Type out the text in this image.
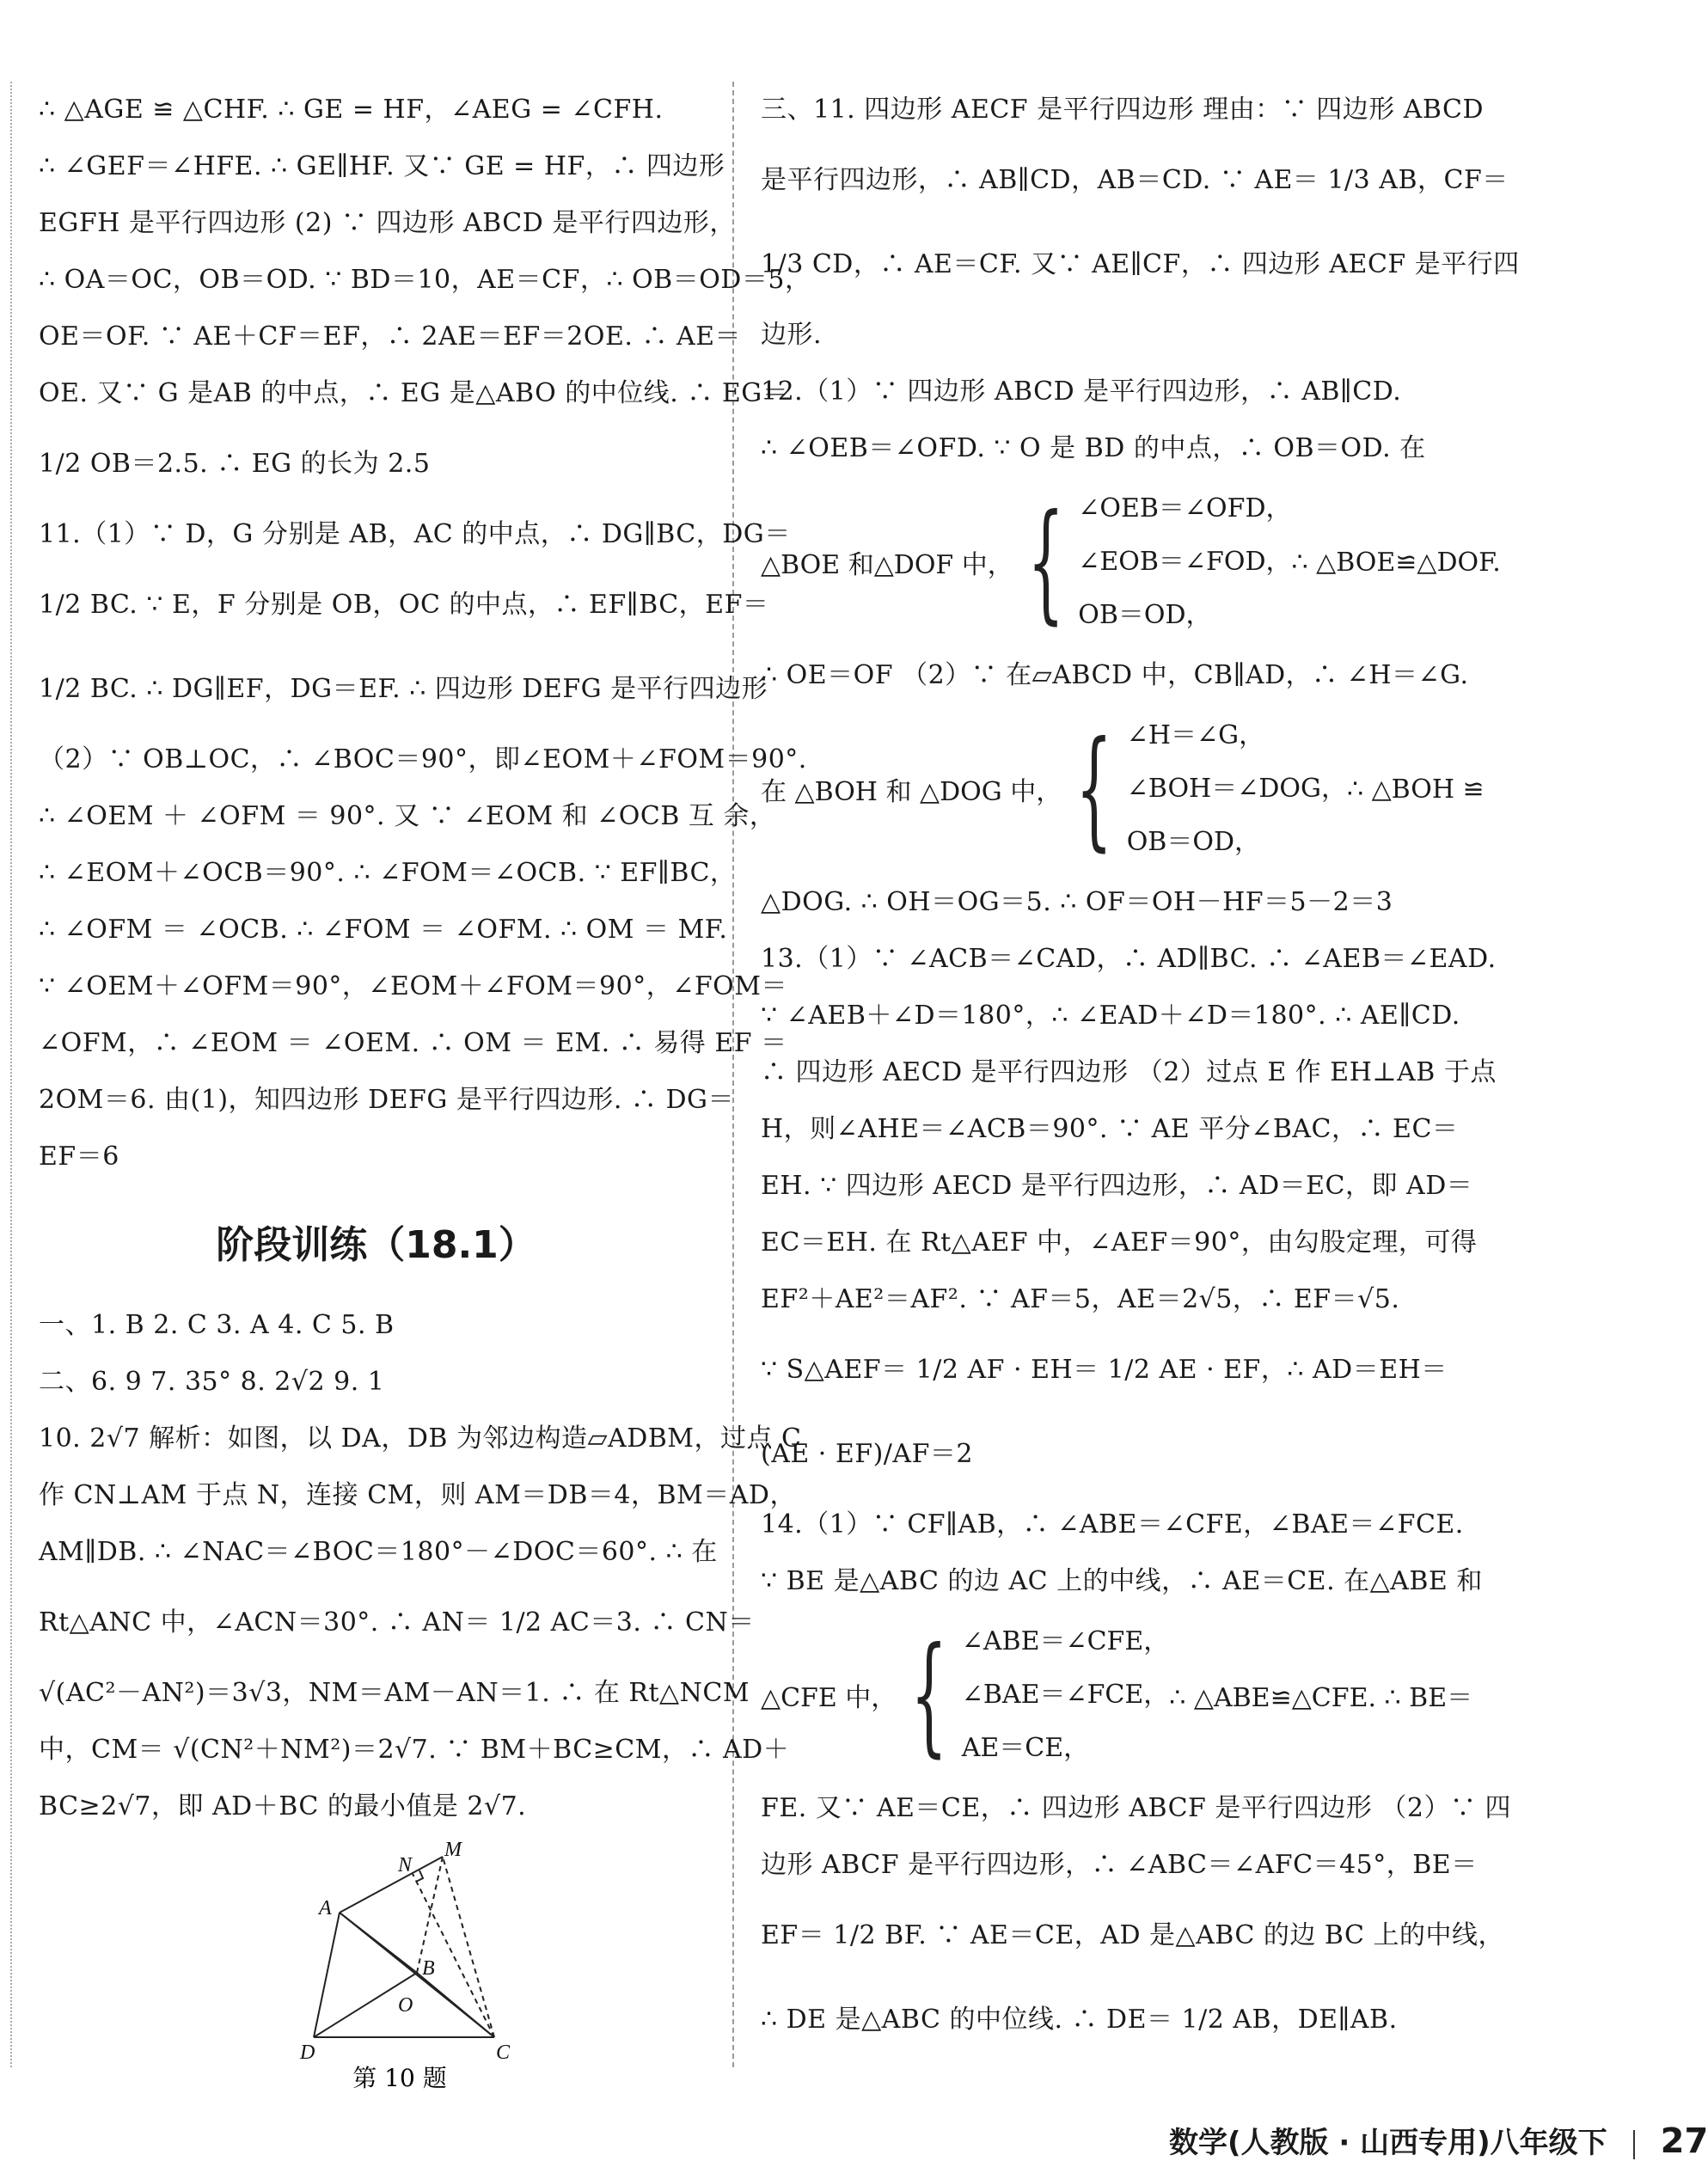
∴ △AGE ≌ △CHF. ∴ GE = HF，∠AEG = ∠CFH.
∴ ∠GEF＝∠HFE. ∴ GE∥HF. 又∵ GE = HF，∴ 四边形
EGFH 是平行四边形 (2) ∵ 四边形 ABCD 是平行四边形，
∴ OA＝OC，OB＝OD. ∵ BD＝10，AE＝CF，∴ OB＝OD＝5，
OE＝OF. ∵ AE＋CF＝EF，∴ 2AE＝EF＝2OE. ∴ AE＝
OE. 又∵ G 是AB 的中点，∴ EG 是△ABO 的中位线. ∴ EG＝
1/2 OB＝2.5. ∴ EG 的长为 2.5
11.（1）∵ D，G 分别是 AB，AC 的中点，∴ DG∥BC，DG＝
1/2 BC. ∵ E，F 分别是 OB，OC 的中点，∴ EF∥BC，EF＝
1/2 BC. ∴ DG∥EF，DG＝EF. ∴ 四边形 DEFG 是平行四边形
（2）∵ OB⊥OC，∴ ∠BOC＝90°，即∠EOM＋∠FOM＝90°.
∴ ∠OEM ＋ ∠OFM ＝ 90°. 又 ∵ ∠EOM 和 ∠OCB 互 余，
∴ ∠EOM＋∠OCB＝90°. ∴ ∠FOM＝∠OCB. ∵ EF∥BC，
∴ ∠OFM ＝ ∠OCB. ∴ ∠FOM ＝ ∠OFM. ∴ OM ＝ MF.
∵ ∠OEM＋∠OFM＝90°，∠EOM＋∠FOM＝90°，∠FOM＝
∠OFM，∴ ∠EOM ＝ ∠OEM. ∴ OM ＝ EM. ∴ 易得 EF ＝
2OM＝6. 由(1)，知四边形 DEFG 是平行四边形. ∴ DG＝
EF＝6
阶段训练（18.1）
一、1. B 2. C 3. A 4. C 5. B
二、6. 9 7. 35° 8. 2√2 9. 1
10. 2√7 解析：如图，以 DA，DB 为邻边构造▱ADBM，过点 C
作 CN⊥AM 于点 N，连接 CM，则 AM＝DB＝4，BM＝AD，
AM∥DB. ∴ ∠NAC＝∠BOC＝180°－∠DOC＝60°. ∴ 在
Rt△ANC 中，∠ACN＝30°. ∴ AN＝ 1/2 AC＝3. ∴ CN＝
√(AC²－AN²)＝3√3，NM＝AM－AN＝1. ∴ 在 Rt△NCM
中，CM＝ √(CN²＋NM²)＝2√7. ∵ BM＋BC≥CM，∴ AD＋
BC≥2√7，即 AD＋BC 的最小值是 2√7.
M
N
A
B
O
D	C
第 10 题
三、11. 四边形 AECF 是平行四边形 理由：∵ 四边形 ABCD
是平行四边形，∴ AB∥CD，AB＝CD. ∵ AE＝ 1/3 AB，CF＝
1/3 CD，∴ AE＝CF. 又∵ AE∥CF，∴ 四边形 AECF 是平行四
边形.
12.（1）∵ 四边形 ABCD 是平行四边形，∴ AB∥CD.
∴ ∠OEB＝∠OFD. ∵ O 是 BD 的中点，∴ OB＝OD. 在
△BOE 和△DOF 中， { ∠OEB＝∠OFD，
∠EOB＝∠FOD，
OB＝OD，
∴ △BOE≌△DOF.
∴ OE＝OF （2）∵ 在▱ABCD 中，CB∥AD，∴ ∠H＝∠G.
在 △BOH 和 △DOG 中， { ∠H＝∠G，
∠BOH＝∠DOG，
OB＝OD，
∴ △BOH ≌
△DOG. ∴ OH＝OG＝5. ∴ OF＝OH－HF＝5－2＝3
13.（1）∵ ∠ACB＝∠CAD，∴ AD∥BC. ∴ ∠AEB＝∠EAD.
∵ ∠AEB＋∠D＝180°，∴ ∠EAD＋∠D＝180°. ∴ AE∥CD.
∴ 四边形 AECD 是平行四边形 （2）过点 E 作 EH⊥AB 于点
H，则∠AHE＝∠ACB＝90°. ∵ AE 平分∠BAC，∴ EC＝
EH. ∵ 四边形 AECD 是平行四边形，∴ AD＝EC，即 AD＝
EC＝EH. 在 Rt△AEF 中，∠AEF＝90°，由勾股定理，可得
EF²＋AE²＝AF². ∵ AF＝5，AE＝2√5，∴ EF＝√5.
∵ S△AEF＝ 1/2 AF · EH＝ 1/2 AE · EF，∴ AD＝EH＝
(AE · EF)/AF＝2
14.（1）∵ CF∥AB，∴ ∠ABE＝∠CFE，∠BAE＝∠FCE.
∵ BE 是△ABC 的边 AC 上的中线，∴ AE＝CE. 在△ABE 和
△CFE 中， { ∠ABE＝∠CFE，
∠BAE＝∠FCE，
AE＝CE，
∴ △ABE≌△CFE. ∴ BE＝
FE. 又∵ AE＝CE，∴ 四边形 ABCF 是平行四边形 （2）∵ 四
边形 ABCF 是平行四边形，∴ ∠ABC＝∠AFC＝45°，BE＝
EF＝ 1/2 BF. ∵ AE＝CE，AD 是△ABC 的边 BC 上的中线，
∴ DE 是△ABC 的中位线. ∴ DE＝ 1/2 AB，DE∥AB.
数学(人教版 · 山西专用)八年级下 27
